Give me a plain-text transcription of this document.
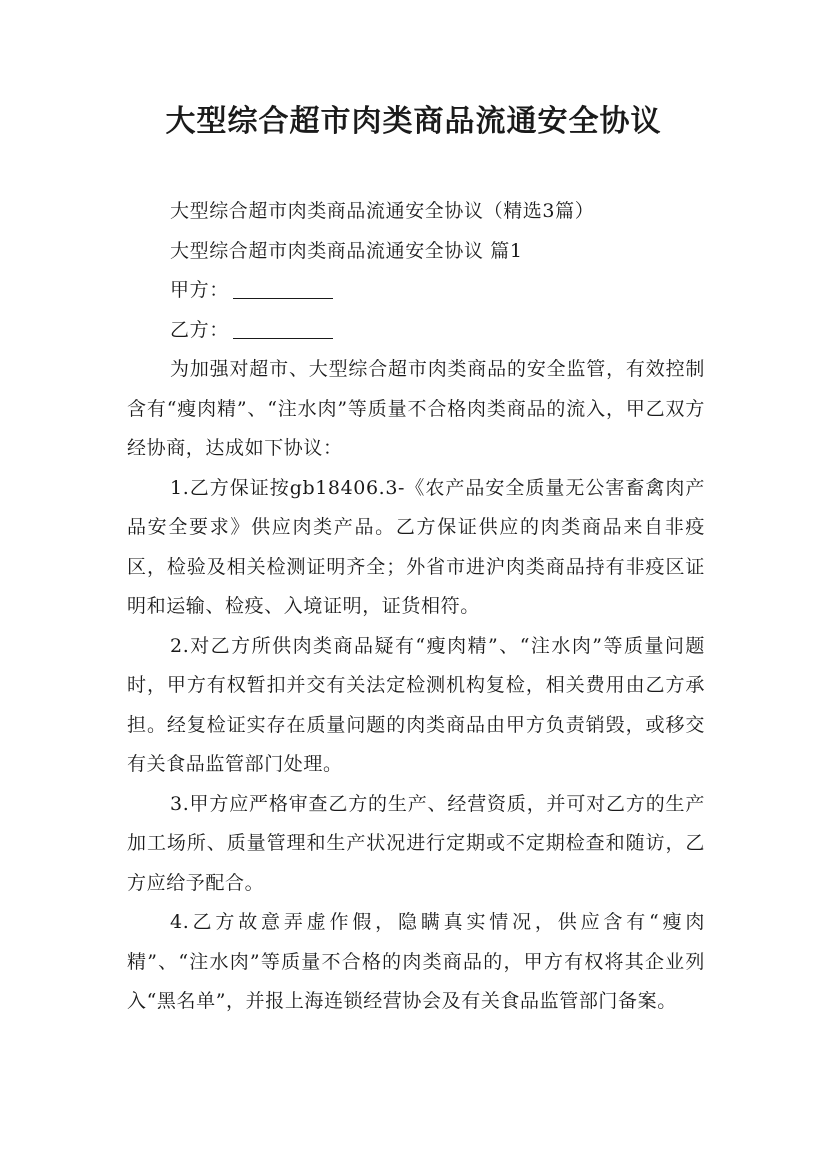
大型综合超市肉类商品流通安全协议
大型综合超市肉类商品流通安全协议（精选3篇）
大型综合超市肉类商品流通安全协议 篇1
甲方：
乙方：

为加强对超市、大型综合超市肉类商品的安全监管，有效控制含有“瘦肉精”、“注水肉”等质量不合格肉类商品的流入，甲乙双方经协商，达成如下协议：

1.乙方保证按gb18406.3-《农产品安全质量无公害畜禽肉产品安全要求》供应肉类产品。乙方保证供应的肉类商品来自非疫区，检验及相关检测证明齐全；外省市进沪肉类商品持有非疫区证明和运输、检疫、入境证明，证货相符。

2.对乙方所供肉类商品疑有“瘦肉精”、“注水肉”等质量问题时，甲方有权暂扣并交有关法定检测机构复检，相关费用由乙方承担。经复检证实存在质量问题的肉类商品由甲方负责销毁，或移交有关食品监管部门处理。

3.甲方应严格审查乙方的生产、经营资质，并可对乙方的生产加工场所、质量管理和生产状况进行定期或不定期检查和随访，乙方应给予配合。

4.乙方故意弄虚作假，隐瞒真实情况，供应含有“瘦肉精”、“注水肉”等质量不合格的肉类商品的，甲方有权将其企业列入“黑名单”，并报上海连锁经营协会及有关食品监管部门备案。
